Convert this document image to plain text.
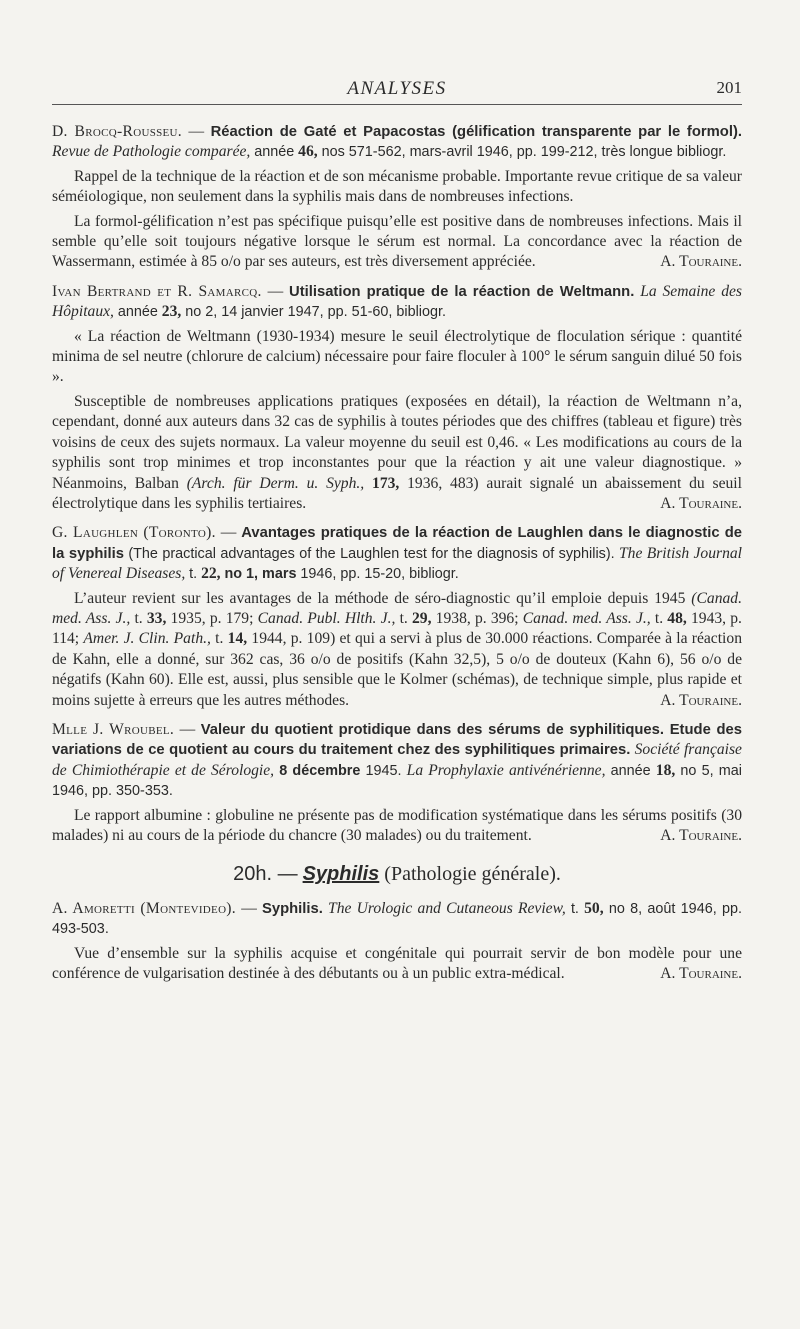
ANALYSES	201
D. Brocq-Rousseu. — Réaction de Gaté et Papacostas (gélification transparente par le formol). Revue de Pathologie comparée, année 46, nos 571-562, mars-avril 1946, pp. 199-212, très longue bibliogr.

Rappel de la technique de la réaction et de son mécanisme probable. Importante revue critique de sa valeur séméiologique, non seulement dans la syphilis mais dans de nombreuses infections.

La formol-gélification n’est pas spécifique puisqu’elle est positive dans de nombreuses infections. Mais il semble qu’elle soit toujours négative lorsque le sérum est normal. La concordance avec la réaction de Wassermann, estimée à 85 o/o par ses auteurs, est très diversement appréciée.	A. Touraine.

Ivan Bertrand et R. Samarcq. — Utilisation pratique de la réaction de Weltmann. La Semaine des Hôpitaux, année 23, no 2, 14 janvier 1947, pp. 51-60, bibliogr.

« La réaction de Weltmann (1930-1934) mesure le seuil électrolytique de floculation sérique : quantité minima de sel neutre (chlorure de calcium) nécessaire pour faire floculer à 100° le sérum sanguin dilué 50 fois ».

Susceptible de nombreuses applications pratiques (exposées en détail), la réaction de Weltmann n’a, cependant, donné aux auteurs dans 32 cas de syphilis à toutes périodes que des chiffres (tableau et figure) très voisins de ceux des sujets normaux. La valeur moyenne du seuil est 0,46. « Les modifications au cours de la syphilis sont trop minimes et trop inconstantes pour que la réaction y ait une valeur diagnostique. » Néanmoins, Balban (Arch. für Derm. u. Syph., 173, 1936, 483) aurait signalé un abaissement du seuil électrolytique dans les syphilis tertiaires.	A. Touraine.

G. Laughlen (Toronto). — Avantages pratiques de la réaction de Laughlen dans le diagnostic de la syphilis (The practical advantages of the Laughlen test for the diagnosis of syphilis). The British Journal of Venereal Diseases, t. 22, no 1, mars 1946, pp. 15-20, bibliogr.

L’auteur revient sur les avantages de la méthode de séro-diagnostic qu’il emploie depuis 1945 (Canad. med. Ass. J., t. 33, 1935, p. 179; Canad. Publ. Hlth. J., t. 29, 1938, p. 396; Canad. med. Ass. J., t. 48, 1943, p. 114; Amer. J. Clin. Path., t. 14, 1944, p. 109) et qui a servi à plus de 30.000 réactions. Comparée à la réaction de Kahn, elle a donné, sur 362 cas, 36 o/o de positifs (Kahn 32,5), 5 o/o de douteux (Kahn 6), 56 o/o de négatifs (Kahn 60). Elle est, aussi, plus sensible que le Kolmer (schémas), de technique simple, plus rapide et moins sujette à erreurs que les autres méthodes.	A. Touraine.

Mlle J. Wroubel. — Valeur du quotient protidique dans des sérums de syphilitiques. Etude des variations de ce quotient au cours du traitement chez des syphilitiques primaires. Société française de Chimiothérapie et de Sérologie, 8 décembre 1945. La Prophylaxie antivénérienne, année 18, no 5, mai 1946, pp. 350-353.

Le rapport albumine : globuline ne présente pas de modification systématique dans les sérums positifs (30 malades) ni au cours de la période du chancre (30 malades) ou du traitement.	A. Touraine.

20h. — Syphilis (Pathologie générale).
A. Amoretti (Montevideo). — Syphilis. The Urologic and Cutaneous Review, t. 50, no 8, août 1946, pp. 493-503.

Vue d’ensemble sur la syphilis acquise et congénitale qui pourrait servir de bon modèle pour une conférence de vulgarisation destinée à des débutants ou à un public extra-médical.	A. Touraine.
